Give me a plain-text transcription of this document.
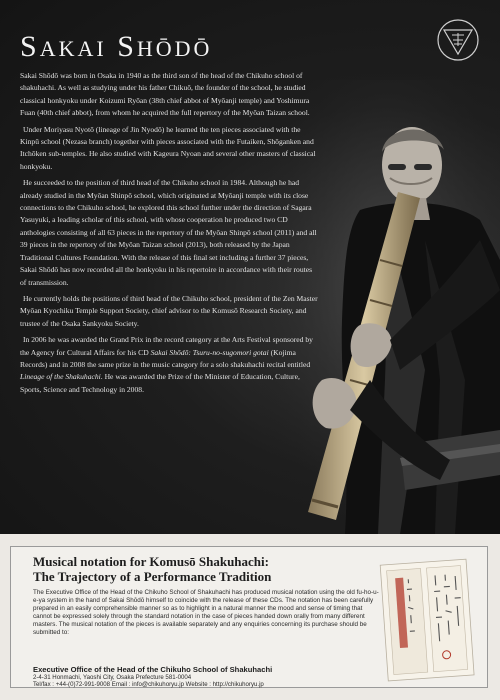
SAKAI SHŌDŌ

Sakai Shōdō was born in Osaka in 1940 as the third son of the head of the Chikuho school of shakuhachi. As well as studying under his father Chikuō, the founder of the school, he studied classical honkyoku under Koizumi Ryōan (38th chief abbot of Myōanji temple) and Yoshimura Fuan (40th chief abbot), from whom he acquired the full repertory of the Myōan Taizan school.

Under Moriyasu Nyotō (lineage of Jin Nyodō) he learned the ten pieces associated with the Kinpū school (Nezasa branch) together with pieces associated with the Futaiken, Shōganken and Itchōken sub-temples. He also studied with Kageura Nyoan and several other masters of classical honkyoku.

He succeeded to the position of third head of the Chikuho school in 1984. Although he had already studied in the Myōan Shinpō school, which originated at Myōanji temple with its close connections to the Chikuho school, he explored this school further under the direction of Sagara Yasuyuki, a leading scholar of this school, with whose cooperation he produced two CD anthologies consisting of all 63 pieces in the repertory of the Myōan Shinpō school (2011) and all 39 pieces in the repertory of the Myōan Taizan school (2013), both released by the Japan Traditional Cultures Foundation. With the release of this final set including a further 37 pieces, Sakai Shōdō has now recorded all the honkyoku in his repertoire in accordance with their routes of transmission.

He currently holds the positions of third head of the Chikuho school, president of the Zen Master Myōan Kyochiku Temple Support Society, chief advisor to the Komusō Research Society, and trustee of the Osaka Sankyoku Society.

In 2006 he was awarded the Grand Prix in the record category at the Arts Festival sponsored by the Agency for Cultural Affairs for his CD Sakai Shōdō: Tsuru-no-sugomori gotai (Kojima Records) and in 2008 the same prize in the music category for a solo shakuhachi recital entitled Lineage of the Shakuhachi. He was awarded the Prize of the Minister of Education, Culture, Sports, Science and Technology in 2008.

Musical notation for Komusō Shakuhachi:
The Trajectory of a Performance Tradition

The Executive Office of the Head of the Chikuho School of Shakuhachi has produced musical notation using the old fu-ho-u-e-ya system in the hand of Sakai Shōdō himself to coincide with the release of these CDs. The notation has been carefully prepared in an easily comprehensible manner so as to highlight in a natural manner the mood and sense of timing that cannot be expressed solely through the standard notation in the case of pieces handed down orally from many different masters. The musical notation of the pieces is available separately and any enquiries concerning its purchase should be submitted to:

Executive Office of the Head of the Chikuho School of Shakuhachi

2-4-31 Honmachi, Yaoshi City, Osaka Prefecture 581-0004

Tel/fax : +44-(0)72-991-9008 Email : info@chikuhoryu.jp Website : http://chikuhoryu.jp
